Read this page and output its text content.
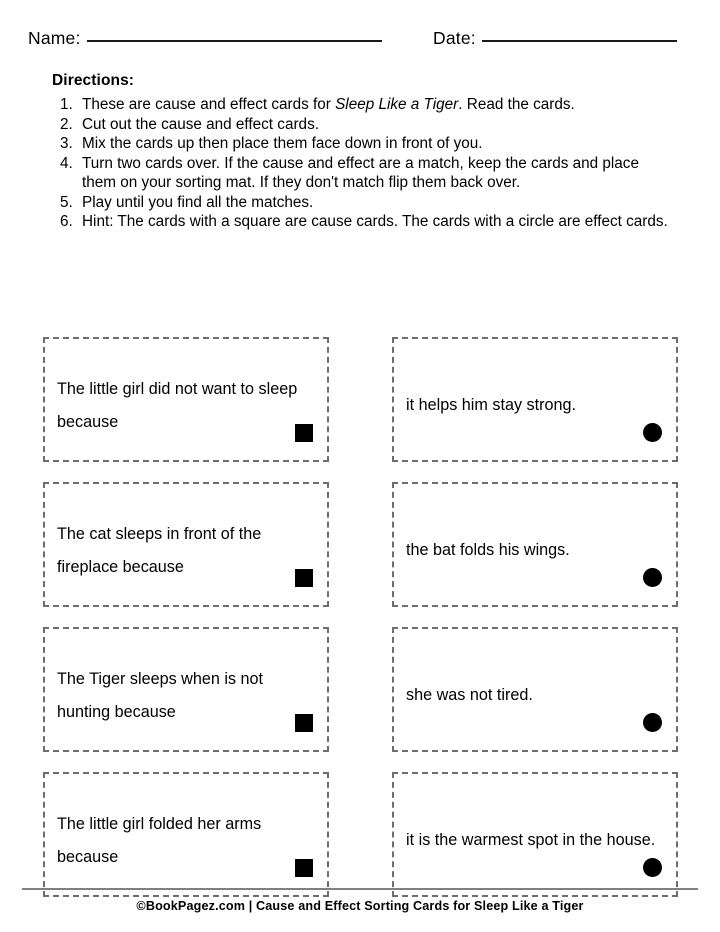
Name:	Date:
Directions:
1. These are cause and effect cards for Sleep Like a Tiger. Read the cards.
2. Cut out the cause and effect cards.
3. Mix the cards up then place them face down in front of you.
4. Turn two cards over. If the cause and effect are a match, keep the cards and place them on your sorting mat. If they don't match flip them back over.
5. Play until you find all the matches.
6. Hint: The cards with a square are cause cards. The cards with a circle are effect cards.
The little girl did not want to sleep because
it helps him stay strong.
The cat sleeps in front of the fireplace because
the bat folds his wings.
The Tiger sleeps when is not hunting because
she was not tired.
The little girl folded her arms because
it is the warmest spot in the house.
©BookPagez.com | Cause and Effect Sorting Cards for Sleep Like a Tiger
